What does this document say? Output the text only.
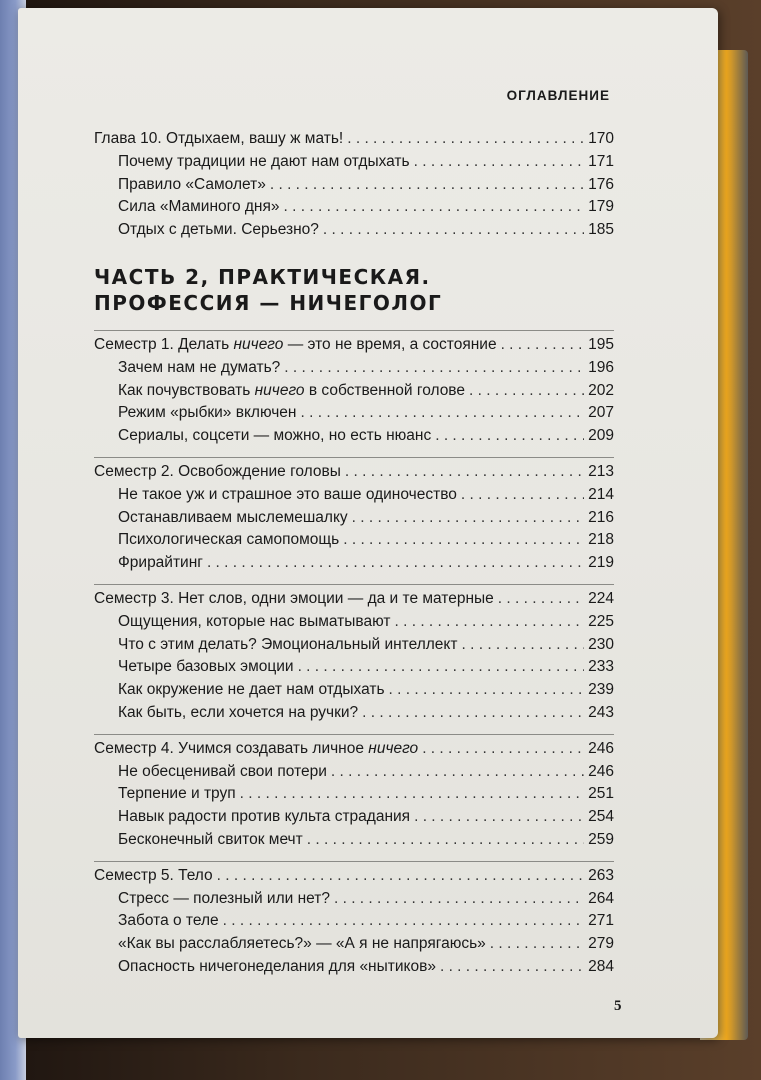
ОГЛАВЛЕНИЕ
Глава 10. Отдыхаем, вашу ж мать! . . .	170
Почему традиции не дают нам отдыхать . . .	171
Правило «Самолет» . . .	176
Сила «Маминого дня» . . .	179
Отдых с детьми. Серьезно? . . .	185
ЧАСТЬ 2, ПРАКТИЧЕСКАЯ.
ПРОФЕССИЯ — НИЧЕГОЛОГ
Семестр 1. Делать ничего — это не время, а состояние . . .	195
Зачем нам не думать? . . .	196
Как почувствовать ничего в собственной голове . . .	202
Режим «рыбки» включен . . .	207
Сериалы, соцсети — можно, но есть нюанс . . .	209
Семестр 2. Освобождение головы . . .	213
Не такое уж и страшное это ваше одиночество . . .	214
Останавливаем мыслемешалку . . .	216
Психологическая самопомощь . . .	218
Фрирайтинг . . .	219
Семестр 3. Нет слов, одни эмоции — да и те матерные . . .	224
Ощущения, которые нас выматывают . . .	225
Что с этим делать? Эмоциональный интеллект . . .	230
Четыре базовых эмоции . . .	233
Как окружение не дает нам отдыхать . . .	239
Как быть, если хочется на ручки? . . .	243
Семестр 4. Учимся создавать личное ничего . . .	246
Не обесценивай свои потери . . .	246
Терпение и труп . . .	251
Навык радости против культа страдания . . .	254
Бесконечный свиток мечт . . .	259
Семестр 5. Тело . . .	263
Стресс — полезный или нет? . . .	264
Забота о теле . . .	271
«Как вы расслабляетесь?» — «А я не напрягаюсь» . . .	279
Опасность ничегонеделания для «нытиков» . . .	284
5
